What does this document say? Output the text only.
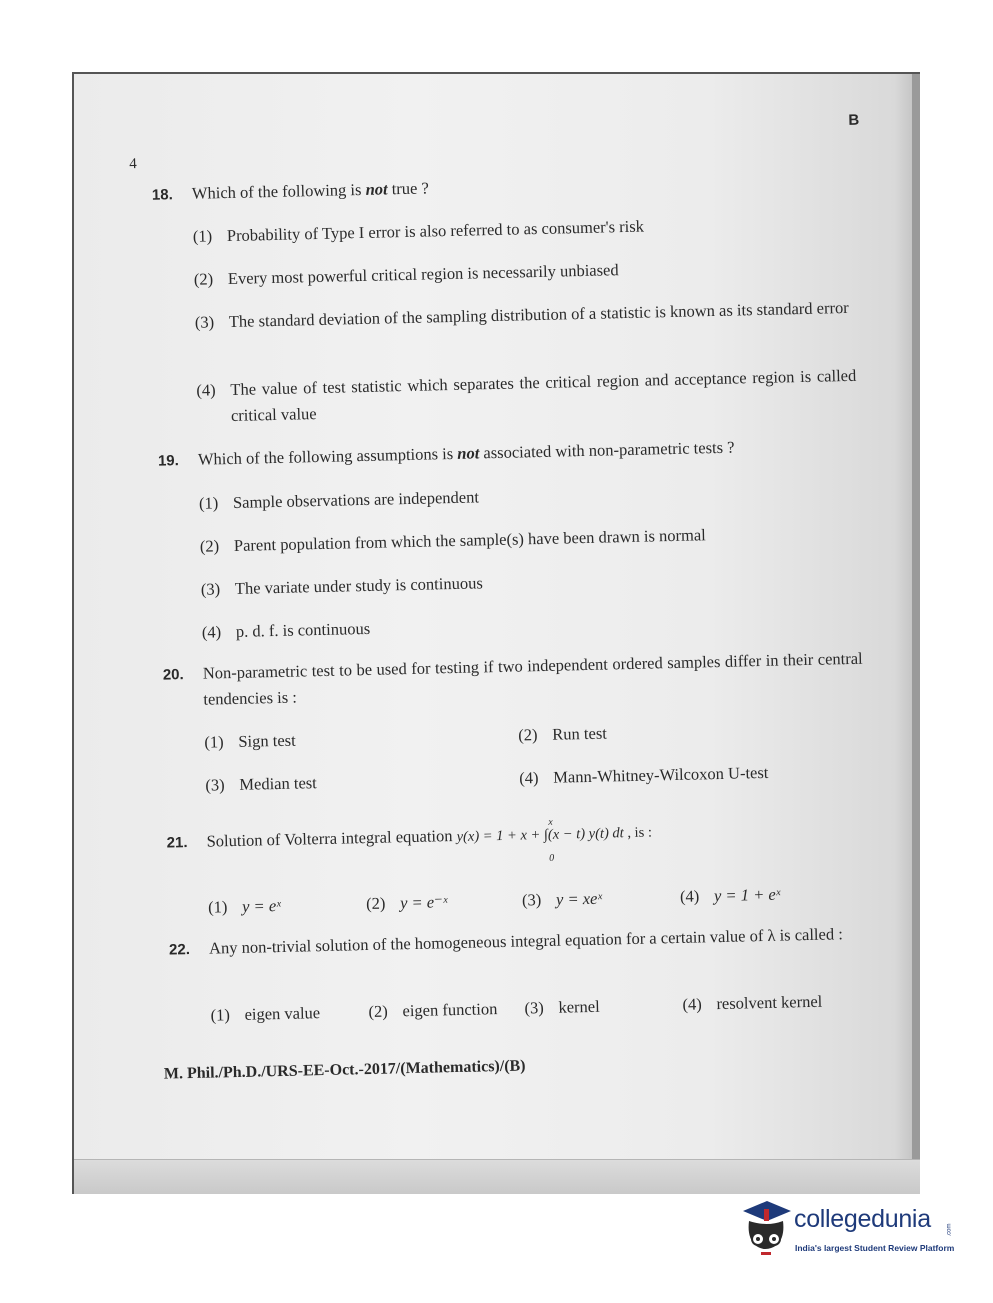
4
B
18.	Which of the following is not true ?
(1) Probability of Type I error is also referred to as consumer's risk
(2) Every most powerful critical region is necessarily unbiased
(3) The standard deviation of the sampling distribution of a statistic is known as its standard error
(4) The value of test statistic which separates the critical region and acceptance region is called critical value
19.	Which of the following assumptions is not associated with non-parametric tests ?
(1) Sample observations are independent
(2) Parent population from which the sample(s) have been drawn is normal
(3) The variate under study is continuous
(4) p. d. f. is continuous
20.	Non-parametric test to be used for testing if two independent ordered samples differ in their central tendencies is :
(1) Sign test	(2) Run test
(3) Median test	(4) Mann-Whitney-Wilcoxon U-test
21.	Solution of Volterra integral equation y(x) = 1 + x + ∫(x − t) y(t) dt
x
0
, is :
(1) y = eˣ	(2) y = e⁻ˣ	(3) y = xeˣ	(4) y = 1 + eˣ
22.	Any non-trivial solution of the homogeneous integral equation for a certain value of λ is called :
(1) eigen value	(2) eigen function	(3) kernel	(4) resolvent kernel
M. Phil./Ph.D./URS-EE-Oct.-2017/(Mathematics)/(B)
collegedunia	.com
India's largest Student Review Platform
